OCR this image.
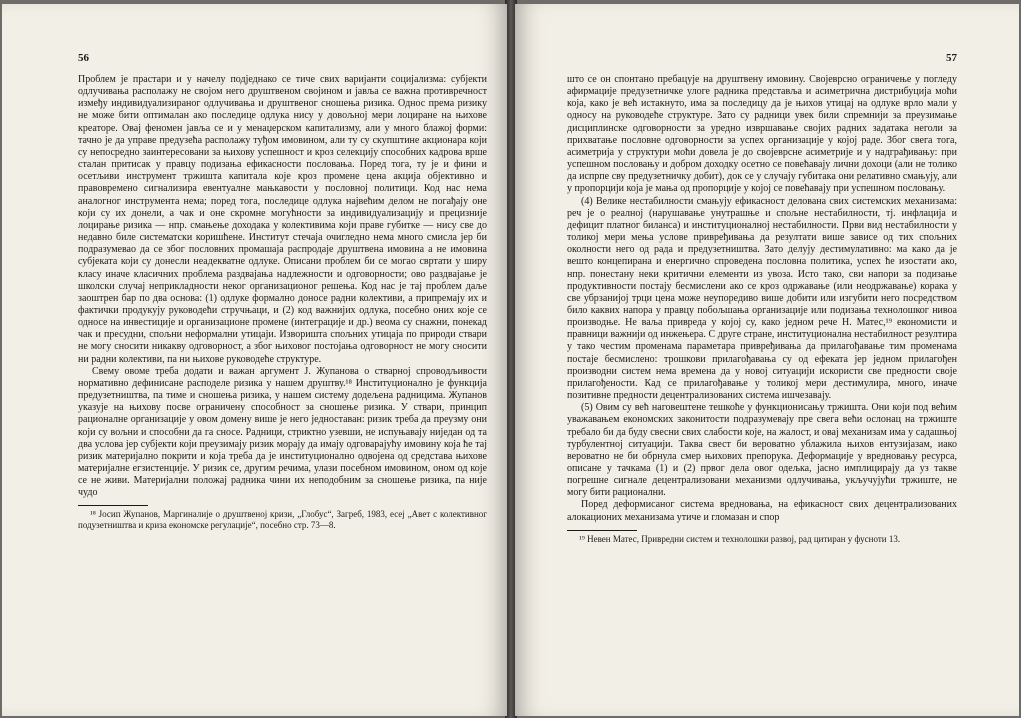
56

Проблем је прастари и у начелу подједнако се тиче свих варијанти социјализма: субјекти одлучивања располажу не својом него друштвеном својином и јавља се важна противречност између индивидуализираног одлучивања и друштвеног сношења ризика. Однос према ризику не може бити оптималан ако последице одлука нису у довољној мери лоциране на њихове креаторе. Овај феномен јавља се и у менаџерском капитализму, али у много блажој форми: тачно је да управе предузећа располажу туђом имовином, али ту су скупштине акционара који су непосредно заинтересовани за њихову успешност и кроз селекцију способних кадрова врше сталан притисак у правцу подизања ефикасности пословања. Поред тога, ту је и фини и осетљиви инструмент тржишта капитала које кроз промене цена акција објективно и правовременo сигнализира евентуалне мањкавости у пословној политици. Код нас нема аналогног инструмента нема; поред тога, последице одлука највећим делом не погађају оне који су их донели, а чак и оне скромне могућности за индивидуализацију и прецизније лоцирање ризика — нпр. смањење доходака у колективима који праве губитке — нису све до недавно биле систематски коришћене. Институт стечаја очигледно нема много смисла јер би подразумевао да се због пословних промашаја распродаје друштвена имовина а не имовина субјеката који су донесли неадекватне одлуке. Описани проблем би се могао свртати у ширу класу иначе класичних проблема раздвајања надлежности и одговорности; ово раздвајање је школски случај неприкладности неког организационог решења. Код нас је тај проблем даље заоштрен бар по два основа: (1) одлуке формално доносе радни колективи, а припремају их и фактички продукују руководећи стручњаци, и (2) код важнијих одлука, посебно оних које се односе на инвестиције и организационе промене (интеграције и др.) веома су снажни, понекад чак и пресудни, спољни неформални утицаји. Изворишта спољних утицаја по природи ствари не могу сносити никакву одговорност, а због њиховог постојања одговорност не могу сносити ни радни колективи, па ни њихове руководеће структуре.

Свему овоме треба додати и важан аргумент Ј. Жупанова о стварној спроводљивости нормативно дефинисане расподеле ризика у нашем друштву.¹⁸ Институционално је функција предузетништва, па тиме и сношења ризика, у нашем систему додељена радницима. Жупанов указује на њихову посве ограничену способност за сношење ризика. У ствари, принцип рационалне организације у овом домену више је него једноставан: ризик треба да преузму они који су вољни и способни да га сносе. Радници, стриктно узевши, не испуњавају ниједан од та два услова јер субјекти који преузимају ризик морају да имају одговарајућу имовину која ће тај ризик материјално покрити и која треба да је институционално одвојена од средстава њихове материјалне егзистенције. У ризик се, другим речима, улази посебном имовином, оном од које се не живи. Материјални положај радника чини их неподобним за сношење ризика, па није чудо

¹⁸ Јосип Жупанов, Маргиналије о друштвеној кризи, „Глобус“, Загреб, 1983, есеј „Авет с колективног подузетништва и криза економске регулације“, посебно стр. 73—8.

57

што се он спонтано пребацује на друштвену имовину. Својеврсно ограничење у погледу афирмације предузетничке улоге радника представља и асиметрична дистрибуција моћи која, како је већ истакнуто, има за последицу да је њихов утицај на одлуке врло мали у односу на руководеће структуре. Зато су радници увек били спремнији за преузимање дисциплинске одговорности за уредно извршавање својих радних задатака неголи за прихватање пословне одговорности за успех организације у којој раде. Због свега тога, асиметрија у структури моћи довела је до својеврсне асиметрије и у надграђивању: при успешном пословању и добром доходку осетно се повећавају лични дохоци (али не толико да испрпе сву предузетничку добит), док се у случају губитака они релативно смањују, али у пропорцији која је мања од пропорције у којој се повећавају при успешном пословању.

(4) Велике нестабилности смањују ефикасност делована свих системских механизама: реч је о реалној (нарушавање унутрашње и спољне нестабилности, тј. инфлација и дефицит платног биланса) и институционалној нестабилности. Први вид нестабилности у толикој мери мења услове привређивања да резултати више зависе од тих спољних околности него од рада и предузетништва. Зато делују дестимулативно: ма како да је вешто концепирана и енергично спроведена пословна политика, успех ће изостати ако, нпр. понестану неки критични елементи из увоза. Исто тако, сви напори за подизање продуктивности постају бесмислени ако се кроз одржавање (или неодржавање) корака у све убрзанијој трци цена може неупоредиво више добити или изгубити него посредством било каквих напора у правцу побољшања организације или подизања технолошког нивоа производње. Не ваља привреда у којој су, како једном рече Н. Матес,¹⁹ економисти и правници важнији од инжењера. С друге стране, институционална нестабилност резултира у тако честим променама параметара привређивања да прилагођавање тим променама постаје бесмислено: трошкови прилагођавања су од ефеката јер једном прилагођен производни систем нема времена да у новој ситуацији искористи све предности своје прилагођености. Кад се прилагођавање у толикој мери дестимулира, много, иначе позитивне предности децентрализованих система ишчезавају.

(5) Овим су већ наговештене тешкоће у функционисању тржишта. Они који под већим уважавањем економских законитости подразумевају пре свега већи ослонац на тржиште требало би да буду свесни свих слабости које, на жалост, и овај механизам има у садашњој турбулентној ситуацији. Таква свест би вероватно ублажила њихов ентузијазам, иако вероватно не би обрнула смер њихових препорука. Деформације у вредновању ресурса, описане у тачкама (1) и (2) првог дела овог одељка, јасно имплицирају да уз такве погрешне сигнале децентрализовани механизми одлучивања, укључујући тржиште, не могу бити рационални.

Поред деформисаног система вредновања, на ефикасност свих децентрализованих алокационих механизама утиче и гломазан и спор

¹⁹ Невен Матес, Привредни систем и технолошки развој, рад цитиран у фусноти 13.
